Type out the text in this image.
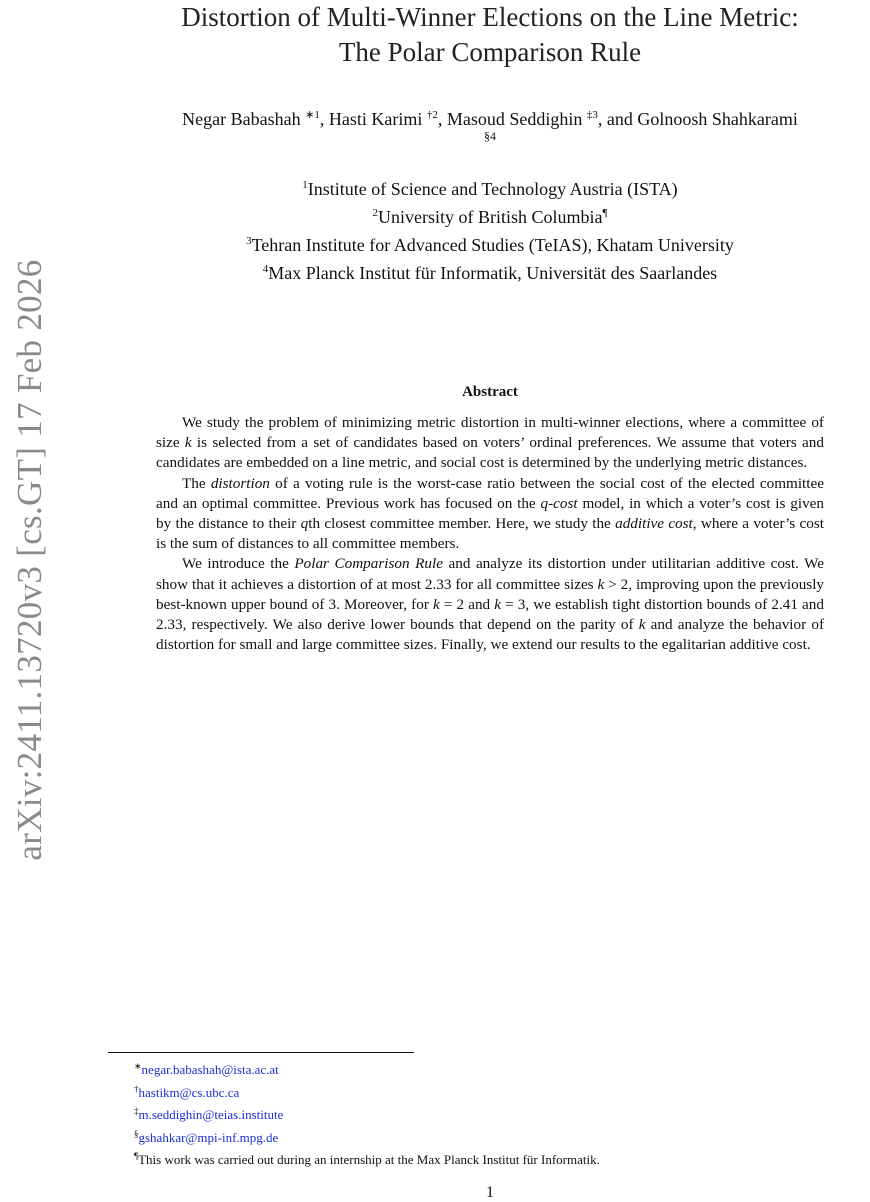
arXiv:2411.13720v3 [cs.GT] 17 Feb 2026
Distortion of Multi-Winner Elections on the Line Metric:
The Polar Comparison Rule
Negar Babashah $^{∗1}$, Hasti Karimi $^{\dagger 2}$, Masoud Seddighin $^{\ddagger 3}$, and Golnoosh Shahkarami
§4
$^1$Institute of Science and Technology Austria (ISTA)
$^2$University of British Columbia¶
$^3$Tehran Institute for Advanced Studies (TeIAS), Khatam University
$^4$Max Planck Institut für Informatik, Universität des Saarlandes
Abstract

We study the problem of minimizing metric distortion in multi-winner elections, where a committee of size k is selected from a set of candidates based on voters’ ordinal preferences. We assume that voters and candidates are embedded on a line metric, and social cost is determined by the underlying metric distances.

The distortion of a voting rule is the worst-case ratio between the social cost of the elected committee and an optimal committee. Previous work has focused on the q-cost model, in which a voter’s cost is given by the distance to their qth closest committee member. Here, we study the additive cost, where a voter’s cost is the sum of distances to all committee members.

We introduce the Polar Comparison Rule and analyze its distortion under utilitarian additive cost. We show that it achieves a distortion of at most 2.33 for all committee sizes k > 2, improving upon the previously best-known upper bound of 3. Moreover, for k = 2 and k = 3, we establish tight distortion bounds of 2.41 and 2.33, respectively. We also derive lower bounds that depend on the parity of k and analyze the behavior of distortion for small and large committee sizes. Finally, we extend our results to the egalitarian additive cost.

∗negar.babashah@ista.ac.at
†hastikm@cs.ubc.ca
‡m.seddighin@teias.institute
§gshahkar@mpi-inf.mpg.de
¶This work was carried out during an internship at the Max Planck Institut für Informatik.
1
